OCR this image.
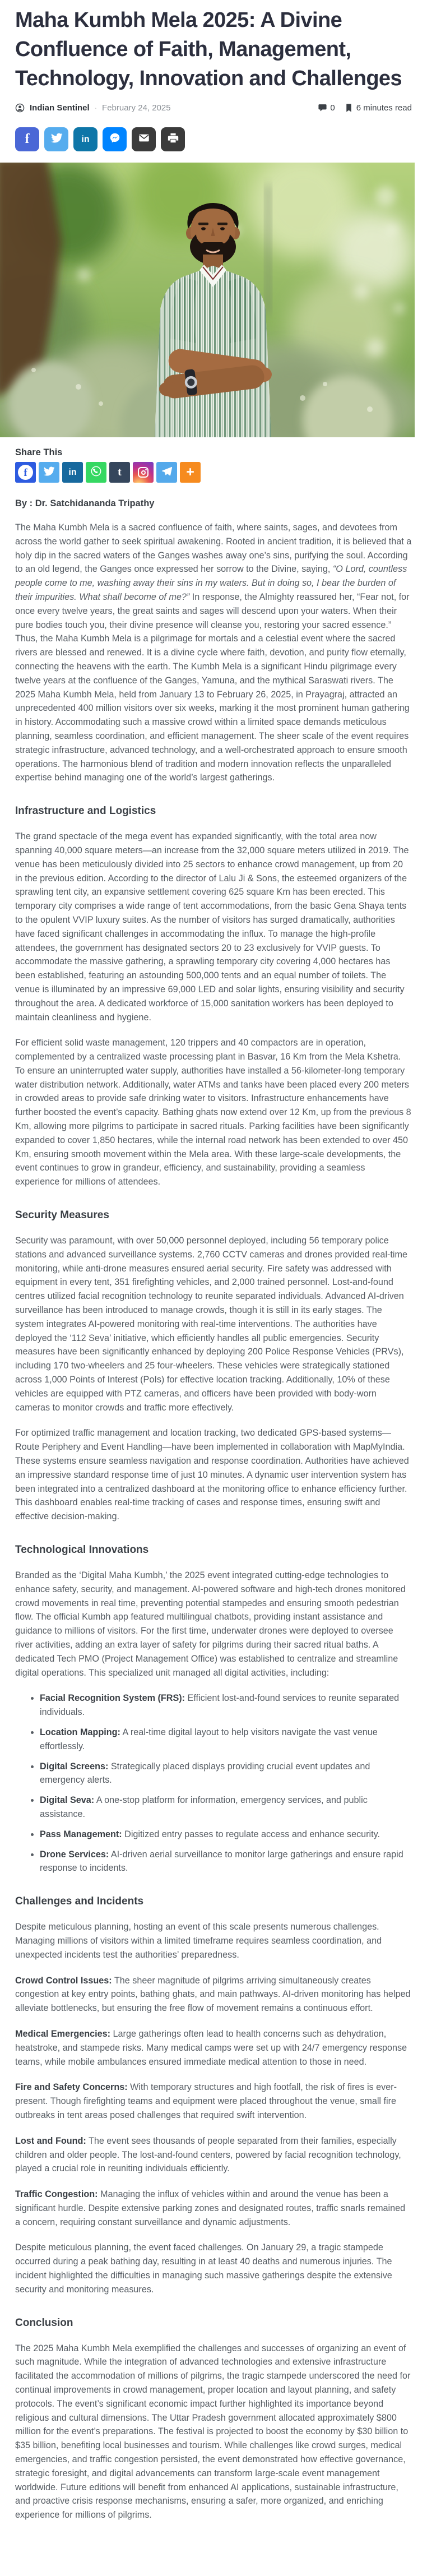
Maha Kumbh Mela 2025: A Divine Confluence of Faith, Management, Technology, Innovation and Challenges
Indian Sentinel · February 24, 2025	0	6 minutes read
f	in
Share This
f	in	t	+
By : Dr. Satchidananda Tripathy

The Maha Kumbh Mela is a sacred confluence of faith, where saints, sages, and devotees from across the world gather to seek spiritual awakening. Rooted in ancient tradition, it is believed that a holy dip in the sacred waters of the Ganges washes away one’s sins, purifying the soul. According to an old legend, the Ganges once expressed her sorrow to the Divine, saying, “O Lord, countless people come to me, washing away their sins in my waters. But in doing so, I bear the burden of their impurities. What shall become of me?” In response, the Almighty reassured her, “Fear not, for once every twelve years, the great saints and sages will descend upon your waters. When their pure bodies touch you, their divine presence will cleanse you, restoring your sacred essence.” Thus, the Maha Kumbh Mela is a pilgrimage for mortals and a celestial event where the sacred rivers are blessed and renewed. It is a divine cycle where faith, devotion, and purity flow eternally, connecting the heavens with the earth. The Kumbh Mela is a significant Hindu pilgrimage every twelve years at the confluence of the Ganges, Yamuna, and the mythical Saraswati rivers. The 2025 Maha Kumbh Mela, held from January 13 to February 26, 2025, in Prayagraj, attracted an unprecedented 400 million visitors over six weeks, marking it the most prominent human gathering in history. Accommodating such a massive crowd within a limited space demands meticulous planning, seamless coordination, and efficient management. The sheer scale of the event requires strategic infrastructure, advanced technology, and a well-orchestrated approach to ensure smooth operations. The harmonious blend of tradition and modern innovation reflects the unparalleled expertise behind managing one of the world’s largest gatherings.

Infrastructure and Logistics

The grand spectacle of the mega event has expanded significantly, with the total area now spanning 40,000 square meters—an increase from the 32,000 square meters utilized in 2019. The venue has been meticulously divided into 25 sectors to enhance crowd management, up from 20 in the previous edition. According to the director of Lalu Ji & Sons, the esteemed organizers of the sprawling tent city, an expansive settlement covering 625 square Km has been erected. This temporary city comprises a wide range of tent accommodations, from the basic Gena Shaya tents to the opulent VVIP luxury suites. As the number of visitors has surged dramatically, authorities have faced significant challenges in accommodating the influx. To manage the high-profile attendees, the government has designated sectors 20 to 23 exclusively for VVIP guests. To accommodate the massive gathering, a sprawling temporary city covering 4,000 hectares has been established, featuring an astounding 500,000 tents and an equal number of toilets. The venue is illuminated by an impressive 69,000 LED and solar lights, ensuring visibility and security throughout the area. A dedicated workforce of 15,000 sanitation workers has been deployed to maintain cleanliness and hygiene.

For efficient solid waste management, 120 trippers and 40 compactors are in operation, complemented by a centralized waste processing plant in Basvar, 16 Km from the Mela Kshetra. To ensure an uninterrupted water supply, authorities have installed a 56-kilometer-long temporary water distribution network. Additionally, water ATMs and tanks have been placed every 200 meters in crowded areas to provide safe drinking water to visitors. Infrastructure enhancements have further boosted the event’s capacity. Bathing ghats now extend over 12 Km, up from the previous 8 Km, allowing more pilgrims to participate in sacred rituals. Parking facilities have been significantly expanded to cover 1,850 hectares, while the internal road network has been extended to over 450 Km, ensuring smooth movement within the Mela area. With these large-scale developments, the event continues to grow in grandeur, efficiency, and sustainability, providing a seamless experience for millions of attendees.

Security Measures

Security was paramount, with over 50,000 personnel deployed, including 56 temporary police stations and advanced surveillance systems. 2,760 CCTV cameras and drones provided real-time monitoring, while anti-drone measures ensured aerial security. Fire safety was addressed with equipment in every tent, 351 firefighting vehicles, and 2,000 trained personnel. Lost-and-found centres utilized facial recognition technology to reunite separated individuals. Advanced AI-driven surveillance has been introduced to manage crowds, though it is still in its early stages. The system integrates AI-powered monitoring with real-time interventions. The authorities have deployed the ‘112 Seva’ initiative, which efficiently handles all public emergencies. Security measures have been significantly enhanced by deploying 200 Police Response Vehicles (PRVs), including 170 two-wheelers and 25 four-wheelers. These vehicles were strategically stationed across 1,000 Points of Interest (PoIs) for effective location tracking. Additionally, 10% of these vehicles are equipped with PTZ cameras, and officers have been provided with body-worn cameras to monitor crowds and traffic more effectively.

For optimized traffic management and location tracking, two dedicated GPS-based systems—Route Periphery and Event Handling—have been implemented in collaboration with MapMyIndia. These systems ensure seamless navigation and response coordination. Authorities have achieved an impressive standard response time of just 10 minutes. A dynamic user intervention system has been integrated into a centralized dashboard at the monitoring office to enhance efficiency further. This dashboard enables real-time tracking of cases and response times, ensuring swift and effective decision-making.

Technological Innovations

Branded as the ‘Digital Maha Kumbh,’ the 2025 event integrated cutting-edge technologies to enhance safety, security, and management. AI-powered software and high-tech drones monitored crowd movements in real time, preventing potential stampedes and ensuring smooth pedestrian flow. The official Kumbh app featured multilingual chatbots, providing instant assistance and guidance to millions of visitors. For the first time, underwater drones were deployed to oversee river activities, adding an extra layer of safety for pilgrims during their sacred ritual baths. A dedicated Tech PMO (Project Management Office) was established to centralize and streamline digital operations. This specialized unit managed all digital activities, including:

• Facial Recognition System (FRS): Efficient lost-and-found services to reunite separated individuals.
• Location Mapping: A real-time digital layout to help visitors navigate the vast venue effortlessly.
• Digital Screens: Strategically placed displays providing crucial event updates and emergency alerts.
• Digital Seva: A one-stop platform for information, emergency services, and public assistance.
• Pass Management: Digitized entry passes to regulate access and enhance security.
• Drone Services: AI-driven aerial surveillance to monitor large gatherings and ensure rapid response to incidents.
Challenges and Incidents

Despite meticulous planning, hosting an event of this scale presents numerous challenges. Managing millions of visitors within a limited timeframe requires seamless coordination, and unexpected incidents test the authorities’ preparedness.

Crowd Control Issues: The sheer magnitude of pilgrims arriving simultaneously creates congestion at key entry points, bathing ghats, and main pathways. AI-driven monitoring has helped alleviate bottlenecks, but ensuring the free flow of movement remains a continuous effort.

Medical Emergencies: Large gatherings often lead to health concerns such as dehydration, heatstroke, and stampede risks. Many medical camps were set up with 24/7 emergency response teams, while mobile ambulances ensured immediate medical attention to those in need.

Fire and Safety Concerns: With temporary structures and high footfall, the risk of fires is ever-present. Though firefighting teams and equipment were placed throughout the venue, small fire outbreaks in tent areas posed challenges that required swift intervention.

Lost and Found: The event sees thousands of people separated from their families, especially children and older people. The lost-and-found centers, powered by facial recognition technology, played a crucial role in reuniting individuals efficiently.

Traffic Congestion: Managing the influx of vehicles within and around the venue has been a significant hurdle. Despite extensive parking zones and designated routes, traffic snarls remained a concern, requiring constant surveillance and dynamic adjustments.

Despite meticulous planning, the event faced challenges. On January 29, a tragic stampede occurred during a peak bathing day, resulting in at least 40 deaths and numerous injuries. The incident highlighted the difficulties in managing such massive gatherings despite the extensive security and monitoring measures.

Conclusion

The 2025 Maha Kumbh Mela exemplified the challenges and successes of organizing an event of such magnitude. While the integration of advanced technologies and extensive infrastructure facilitated the accommodation of millions of pilgrims, the tragic stampede underscored the need for continual improvements in crowd management, proper location and layout planning, and safety protocols. The event’s significant economic impact further highlighted its importance beyond religious and cultural dimensions. The Uttar Pradesh government allocated approximately $800 million for the event’s preparations. The festival is projected to boost the economy by $30 billion to $35 billion, benefiting local businesses and tourism. While challenges like crowd surges, medical emergencies, and traffic congestion persisted, the event demonstrated how effective governance, strategic foresight, and digital advancements can transform large-scale event management worldwide. Future editions will benefit from enhanced AI applications, sustainable infrastructure, and proactive crisis response mechanisms, ensuring a safer, more organized, and enriching experience for millions of pilgrims.
